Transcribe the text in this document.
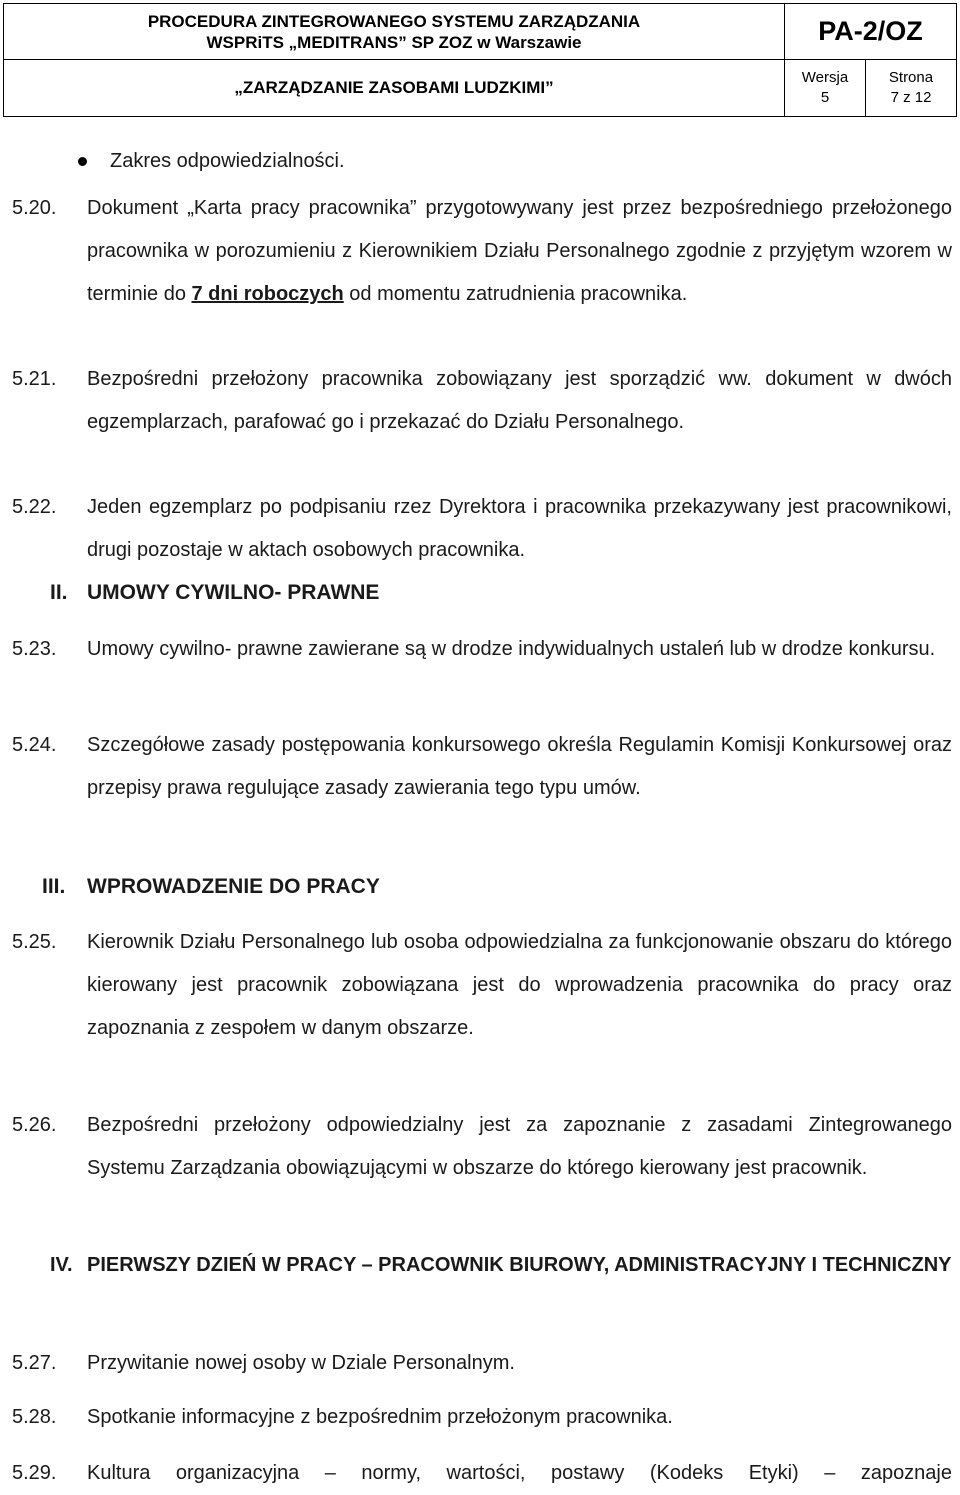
PROCEDURA ZINTEGROWANEGO SYSTEMU ZARZĄDZANIA
WSPRiTS „MEDITRANS” SP ZOZ w Warszawie	PA-2/OZ
„ZARZĄDZANIE ZASOBAMI LUDZKIMI”
Wersja
5
Strona
7 z 12
Zakres odpowiedzialności.
5.20. Dokument „Karta pracy pracownika” przygotowywany jest przez bezpośredniego przełożonego pracownika w porozumieniu z Kierownikiem Działu Personalnego zgodnie z przyjętym wzorem w terminie do 7 dni roboczych od momentu zatrudnienia pracownika.
5.21. Bezpośredni przełożony pracownika zobowiązany jest sporządzić ww. dokument w dwóch egzemplarzach, parafować go i przekazać do Działu Personalnego.
5.22. Jeden egzemplarz po podpisaniu rzez Dyrektora i pracownika przekazywany jest pracownikowi, drugi pozostaje w aktach osobowych pracownika.
II. UMOWY CYWILNO- PRAWNE
5.23. Umowy cywilno- prawne zawierane są w drodze indywidualnych ustaleń lub w drodze konkursu.
5.24. Szczegółowe zasady postępowania konkursowego określa Regulamin Komisji Konkursowej oraz przepisy prawa regulujące zasady zawierania tego typu umów.
III. WPROWADZENIE DO PRACY
5.25. Kierownik Działu Personalnego lub osoba odpowiedzialna za funkcjonowanie obszaru do którego kierowany jest pracownik zobowiązana jest do wprowadzenia pracownika do pracy oraz zapoznania z zespołem w danym obszarze.
5.26. Bezpośredni przełożony odpowiedzialny jest za zapoznanie z zasadami Zintegrowanego Systemu Zarządzania obowiązującymi w obszarze do którego kierowany jest pracownik.
IV. PIERWSZY DZIEŃ W PRACY – PRACOWNIK BIUROWY, ADMINISTRACYJNY I TECHNICZNY
5.27. Przywitanie nowej osoby w Dziale Personalnym.
5.28. Spotkanie informacyjne z bezpośrednim przełożonym pracownika.
5.29. Kultura organizacyjna – normy, wartości, postawy (Kodeks Etyki) – zapoznaje
